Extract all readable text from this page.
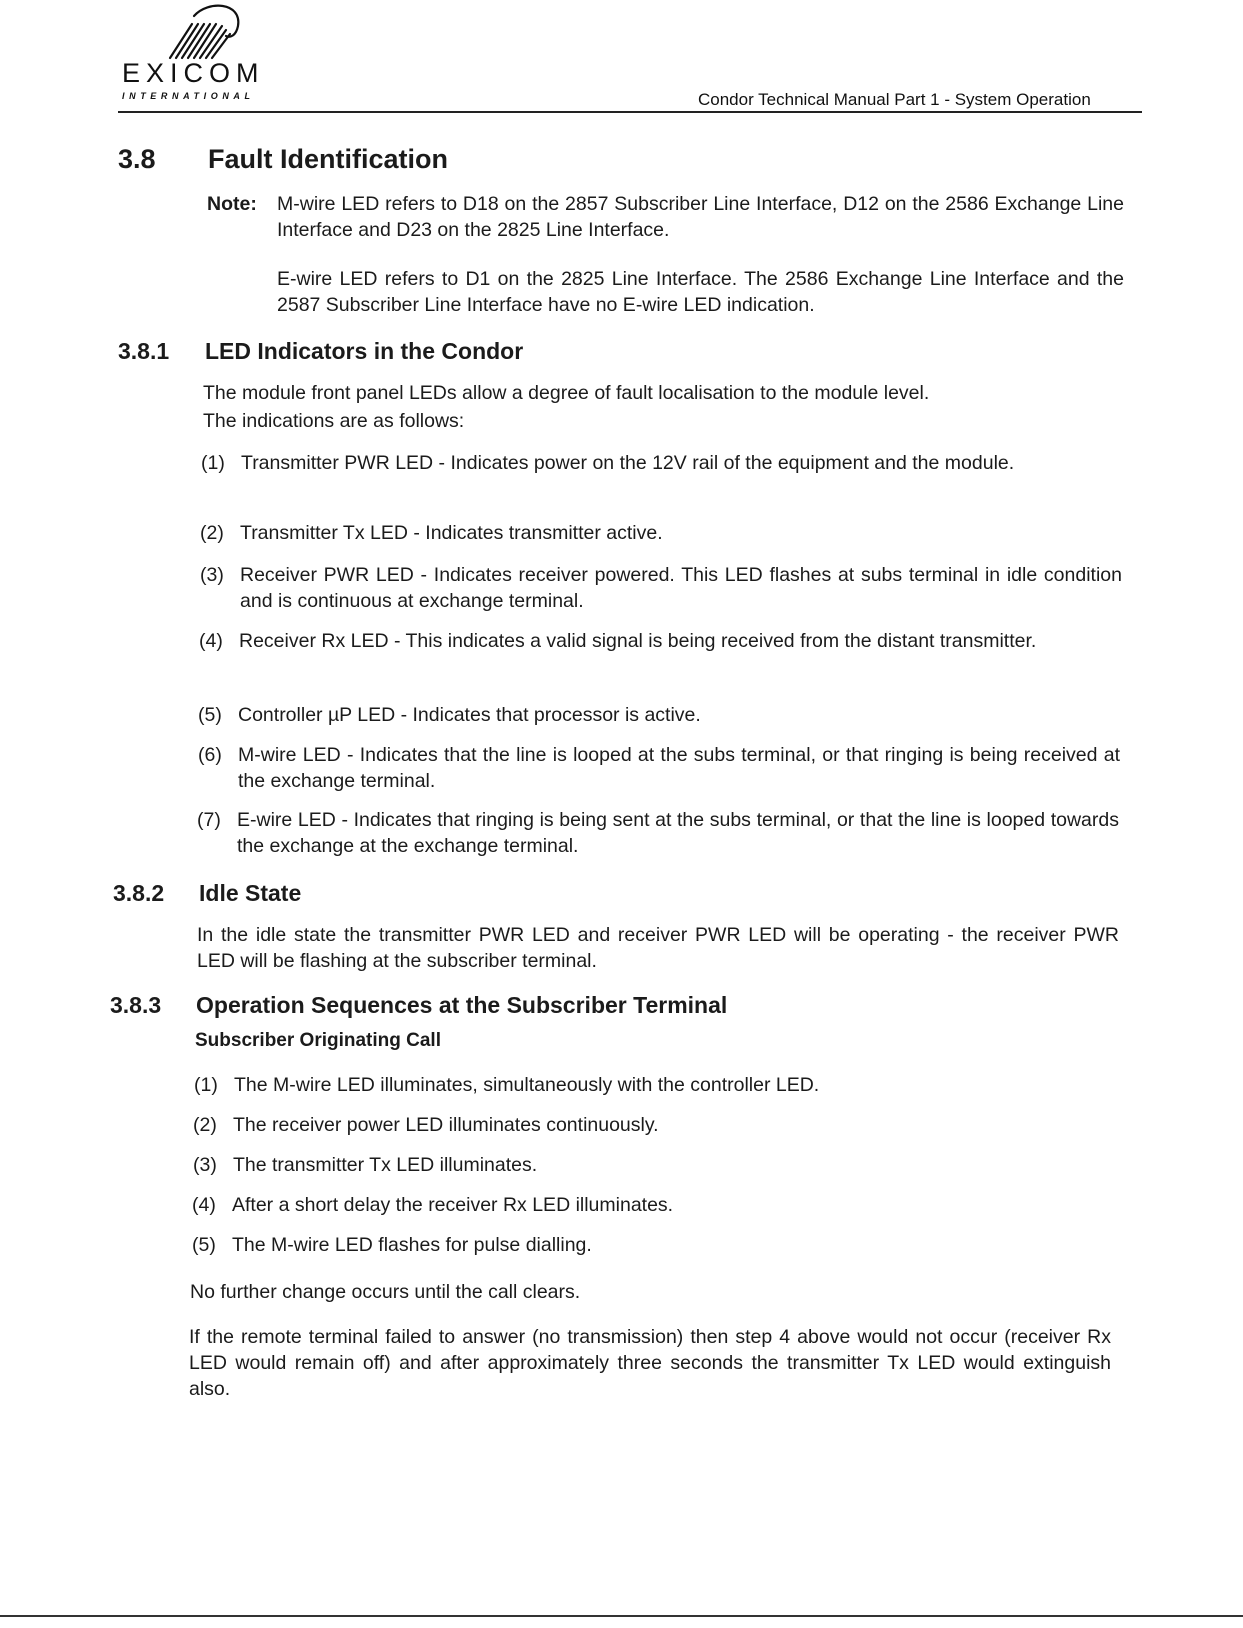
EXICOM
INTERNATIONAL	Condor Technical Manual Part 1 - System Operation
3.8 Fault Identification
Note: M-wire LED refers to D18 on the 2857 Subscriber Line Interface, D12 on the 2586 Exchange Line Interface and D23 on the 2825 Line Interface.
E-wire LED refers to D1 on the 2825 Line Interface. The 2586 Exchange Line Interface and the 2587 Subscriber Line Interface have no E-wire LED indication.
3.8.1 LED Indicators in the Condor
The module front panel LEDs allow a degree of fault localisation to the module level.
The indications are as follows:
(1) Transmitter PWR LED - Indicates power on the 12V rail of the equipment and the module.
(2) Transmitter Tx LED - Indicates transmitter active.
(3) Receiver PWR LED - Indicates receiver powered. This LED flashes at subs terminal in idle condition and is continuous at exchange terminal.
(4) Receiver Rx LED - This indicates a valid signal is being received from the distant transmitter.
(5) Controller µP LED - Indicates that processor is active.
(6) M-wire LED - Indicates that the line is looped at the subs terminal, or that ringing is being received at the exchange terminal.
(7) E-wire LED - Indicates that ringing is being sent at the subs terminal, or that the line is looped towards the exchange at the exchange terminal.
3.8.2 Idle State
In the idle state the transmitter PWR LED and receiver PWR LED will be operating - the receiver PWR LED will be flashing at the subscriber terminal.
3.8.3 Operation Sequences at the Subscriber Terminal
Subscriber Originating Call
(1) The M-wire LED illuminates, simultaneously with the controller LED.
(2) The receiver power LED illuminates continuously.
(3) The transmitter Tx LED illuminates.
(4) After a short delay the receiver Rx LED illuminates.
(5) The M-wire LED flashes for pulse dialling.
No further change occurs until the call clears.
If the remote terminal failed to answer (no transmission) then step 4 above would not occur (receiver Rx LED would remain off) and after approximately three seconds the transmitter Tx LED would extinguish also.
